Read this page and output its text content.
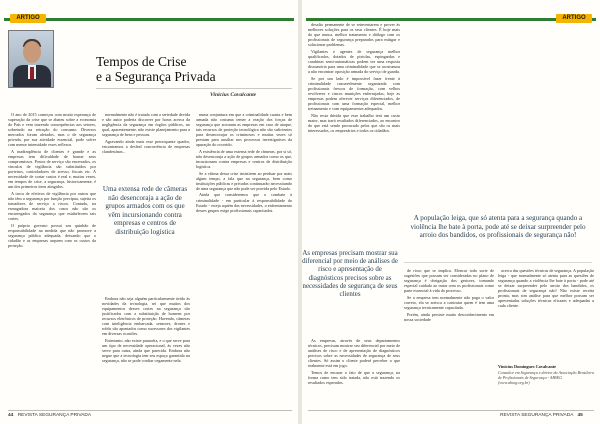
ARTIGO
Tempos de Crise
e a Segurança Privada
Vinicius Cavalcante

O ano de 2015 começou com muita esperança de superação da crise que se abateu sobre a economia do País e vem trazendo consequências aos setores, sobretudo na retração do consumo. Diversos mercados foram afetados, mas o de segurança privada, por sua atividade essencial, pode sofrer com menor intensidade esses reflexos.

A inadimplência de clientes é grande e as empresas tem dificuldade de honrar seus compromissos. Postos de serviço são encerrados, os vínculos de vigilância são substituídos por porteiros, controladores de acesso, fiscais etc. A necessidade de cortar custos é real e, muitas vezes, em tempos de crise, a segurança, historicamente, é um dos primeiros itens atingidos.

A troca de efetivos de vigilância por outros que não têm a segurança por função precípua, sujeita os tomadores de serviço a riscos. Contudo, na esmagadora maioria dos casos não são os encarregados da segurança que estabelecem tais cortes.

O próprio governo possui seu quinhão de responsabilidade na medida que não promove a segurança pública adequada, deixando que o cidadão e as empresas arquem com os custos da proteção.

normalmente não é tratada com a seriedade devida e são autor poderia discorrer por horas acerca da negligência da segurança em órgãos públicos, no qual, aparentemente, não existe planejamento para a segurança de bens e pessoas.

Agravando ainda mais esse preocupante quadro, encontramos a desleal concorrência de empresas clandestinas...

Uma extensa rede de câmeras não desencoraja a ação de grupos armados com os que vêm incursionando contra empresas e centros de distribuição logística

Embora não seja alguém particularmente ávido às novidades da tecnologia, sei que muitos dos equipamentos desses cortes na segurança são justificados com a substituição de homens por recursos eletrônicos de proteção. Havendo, câmeras com inteligência embarcada, sensores, drones e robôs são apontados como sucessores dos vigilantes em diversas ocasiões.

Entretanto, não existe panacéia, e o que serve para um tipo de necessidade operacional, às vezes não serve para outra, ainda que parecida. Embora não negue que a tecnologia tem seu espaço garantido na segurança, não se pode confiar cegamente nela.

numa conjuntura em que a criminalidade cuasta e bem armada não costuma temer a reação dos forças de segurança que acionam as empresas em caso de ataque, tais recursos de proteção tecnológica não são suficientes para desencorajar os criminosos e muitas vezes só prestam para auxiliar nos processos investigativos da apuração do ocorrido.

A existência de uma extensa rede de câmeras, por si só, não desencoraja a ação de grupos armados como os que, incursionam contra empresas e centros de distribuição logística.

Se a vítima dessa crise insistirem ao perduar por mais algum tempo, a fala que na segurança, bem como instituições públicas e privadas continuarão necessitando de uma segurança que não pode ser provida pelo Estado.

Ainda que consideremos que o combate à criminalidade - em particular à responsabilidade do Estado - esteja aquém das necessidades, o enfrentamento desses grupos exige profissionais capacitados.

44 REVISTA SEGURANÇA PRIVADA
ARTIGO

desafio permanente de se reinventarem e prover às melhores soluções para os seus clientes. É hoje mais do que nunca, melhor tratamento e diálogo com os profissionais de segurança preparados para mitigar e solucionar problemas.

Vigilantes e agentes de segurança melhor qualificados, dotados de pistolas, espingardas e carabinas semi-automáticas podem ser uma resposta dissuasória para uma criminalidade que se acostumou a não encontrar oposição armada do serviço de guarda.

Se por um lado é impossível fazer frente à criminalidade razoavelmente organizada com profissionais frescos de formação, com velhos revólveres e cincos munições enferrujadas, hoje as empresas podem oferecer serviços diferenciados, de profissionais com uma formação especial, melhor treinamento e com equipamentos adequados.

Não resta dúvida que esse trabalho terá um custo maior, mas trará resultados diferenciados, ao encontro do que está sendo procurado pelos que são os mais interessados, os empresários e todos os cidadãos.

As empresas precisam mostrar sua diferencial por meio de análises de risco e apresentação de diagnósticos precisos sobre as necessidades de segurança de seus clientes

As empresas, através de seus departamentos técnicos, precisam mostrar seu diferencial por meio de análises de risco e de apresentação de diagnósticos precisos sobre as necessidades de segurança de seus clientes. Só assim o cliente poderá perceber o que realmente está em jogo.

Temos de encarar o fato de que a segurança, na forma como tem sido tratada, não está trazendo os resultados esperados.

A população leiga, que só atenta para a segurança quando a violência lhe bate à porta, pode até se deixar surpreender pelo arroio dos bandidos, os profissionais de segurança não!

de risco que se implica. Elencar todo sorte de sugestões que possam ser consideradas no plano de segurança é obrigação dos gestores, tomando especial cuidado ao tratar com os profissionais como parte essencial à vida do processo.

Se a empresa tem normalmente não paga o valor correto, ela se arrisca a contratar quem é tem uma segurança tecnicamente capacitada.

Porém, ainda persiste muito desconhecimento em nossa sociedade

acerca das questões técnicas de segurança. A população leiga - que normalmente só atenta para as questões de segurança quando a violência lhe bate à porta - pode até se deixar surpreender pelo arroio dos bandidos, os profissionais de segurança não! Não existe receita pronta, mas sim análise para que melhor possam ser apresentadas soluções técnicas eficazes e adequadas a cada cliente.

Vinicius Domingues Cavalcante
Consultor em Segurança e diretor da Associação Brasileira de Profissionais de Segurança - ABSEG (www.abseg.org.br)
REVISTA SEGURANÇA PRIVADA 45
